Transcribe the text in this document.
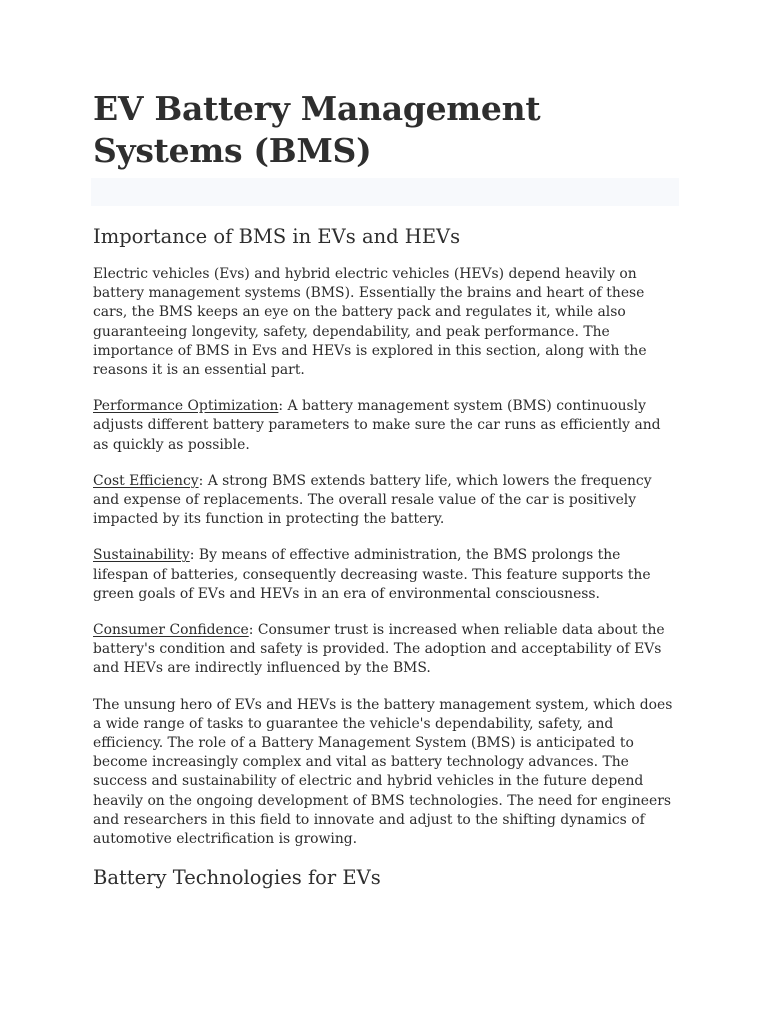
EV Battery Management Systems (BMS)
Importance of BMS in EVs and HEVs

Electric vehicles (Evs) and hybrid electric vehicles (HEVs) depend heavily on battery management systems (BMS). Essentially the brains and heart of these cars, the BMS keeps an eye on the battery pack and regulates it, while also guaranteeing longevity, safety, dependability, and peak performance. The importance of BMS in Evs and HEVs is explored in this section, along with the reasons it is an essential part.

Performance Optimization: A battery management system (BMS) continuously adjusts different battery parameters to make sure the car runs as efficiently and as quickly as possible.

Cost Efficiency: A strong BMS extends battery life, which lowers the frequency and expense of replacements. The overall resale value of the car is positively impacted by its function in protecting the battery.

Sustainability: By means of effective administration, the BMS prolongs the lifespan of batteries, consequently decreasing waste. This feature supports the green goals of EVs and HEVs in an era of environmental consciousness.

Consumer Confidence: Consumer trust is increased when reliable data about the battery's condition and safety is provided. The adoption and acceptability of EVs and HEVs are indirectly influenced by the BMS.

The unsung hero of EVs and HEVs is the battery management system, which does a wide range of tasks to guarantee the vehicle's dependability, safety, and efficiency. The role of a Battery Management System (BMS) is anticipated to become increasingly complex and vital as battery technology advances. The success and sustainability of electric and hybrid vehicles in the future depend heavily on the ongoing development of BMS technologies. The need for engineers and researchers in this field to innovate and adjust to the shifting dynamics of automotive electrification is growing.

Battery Technologies for EVs
